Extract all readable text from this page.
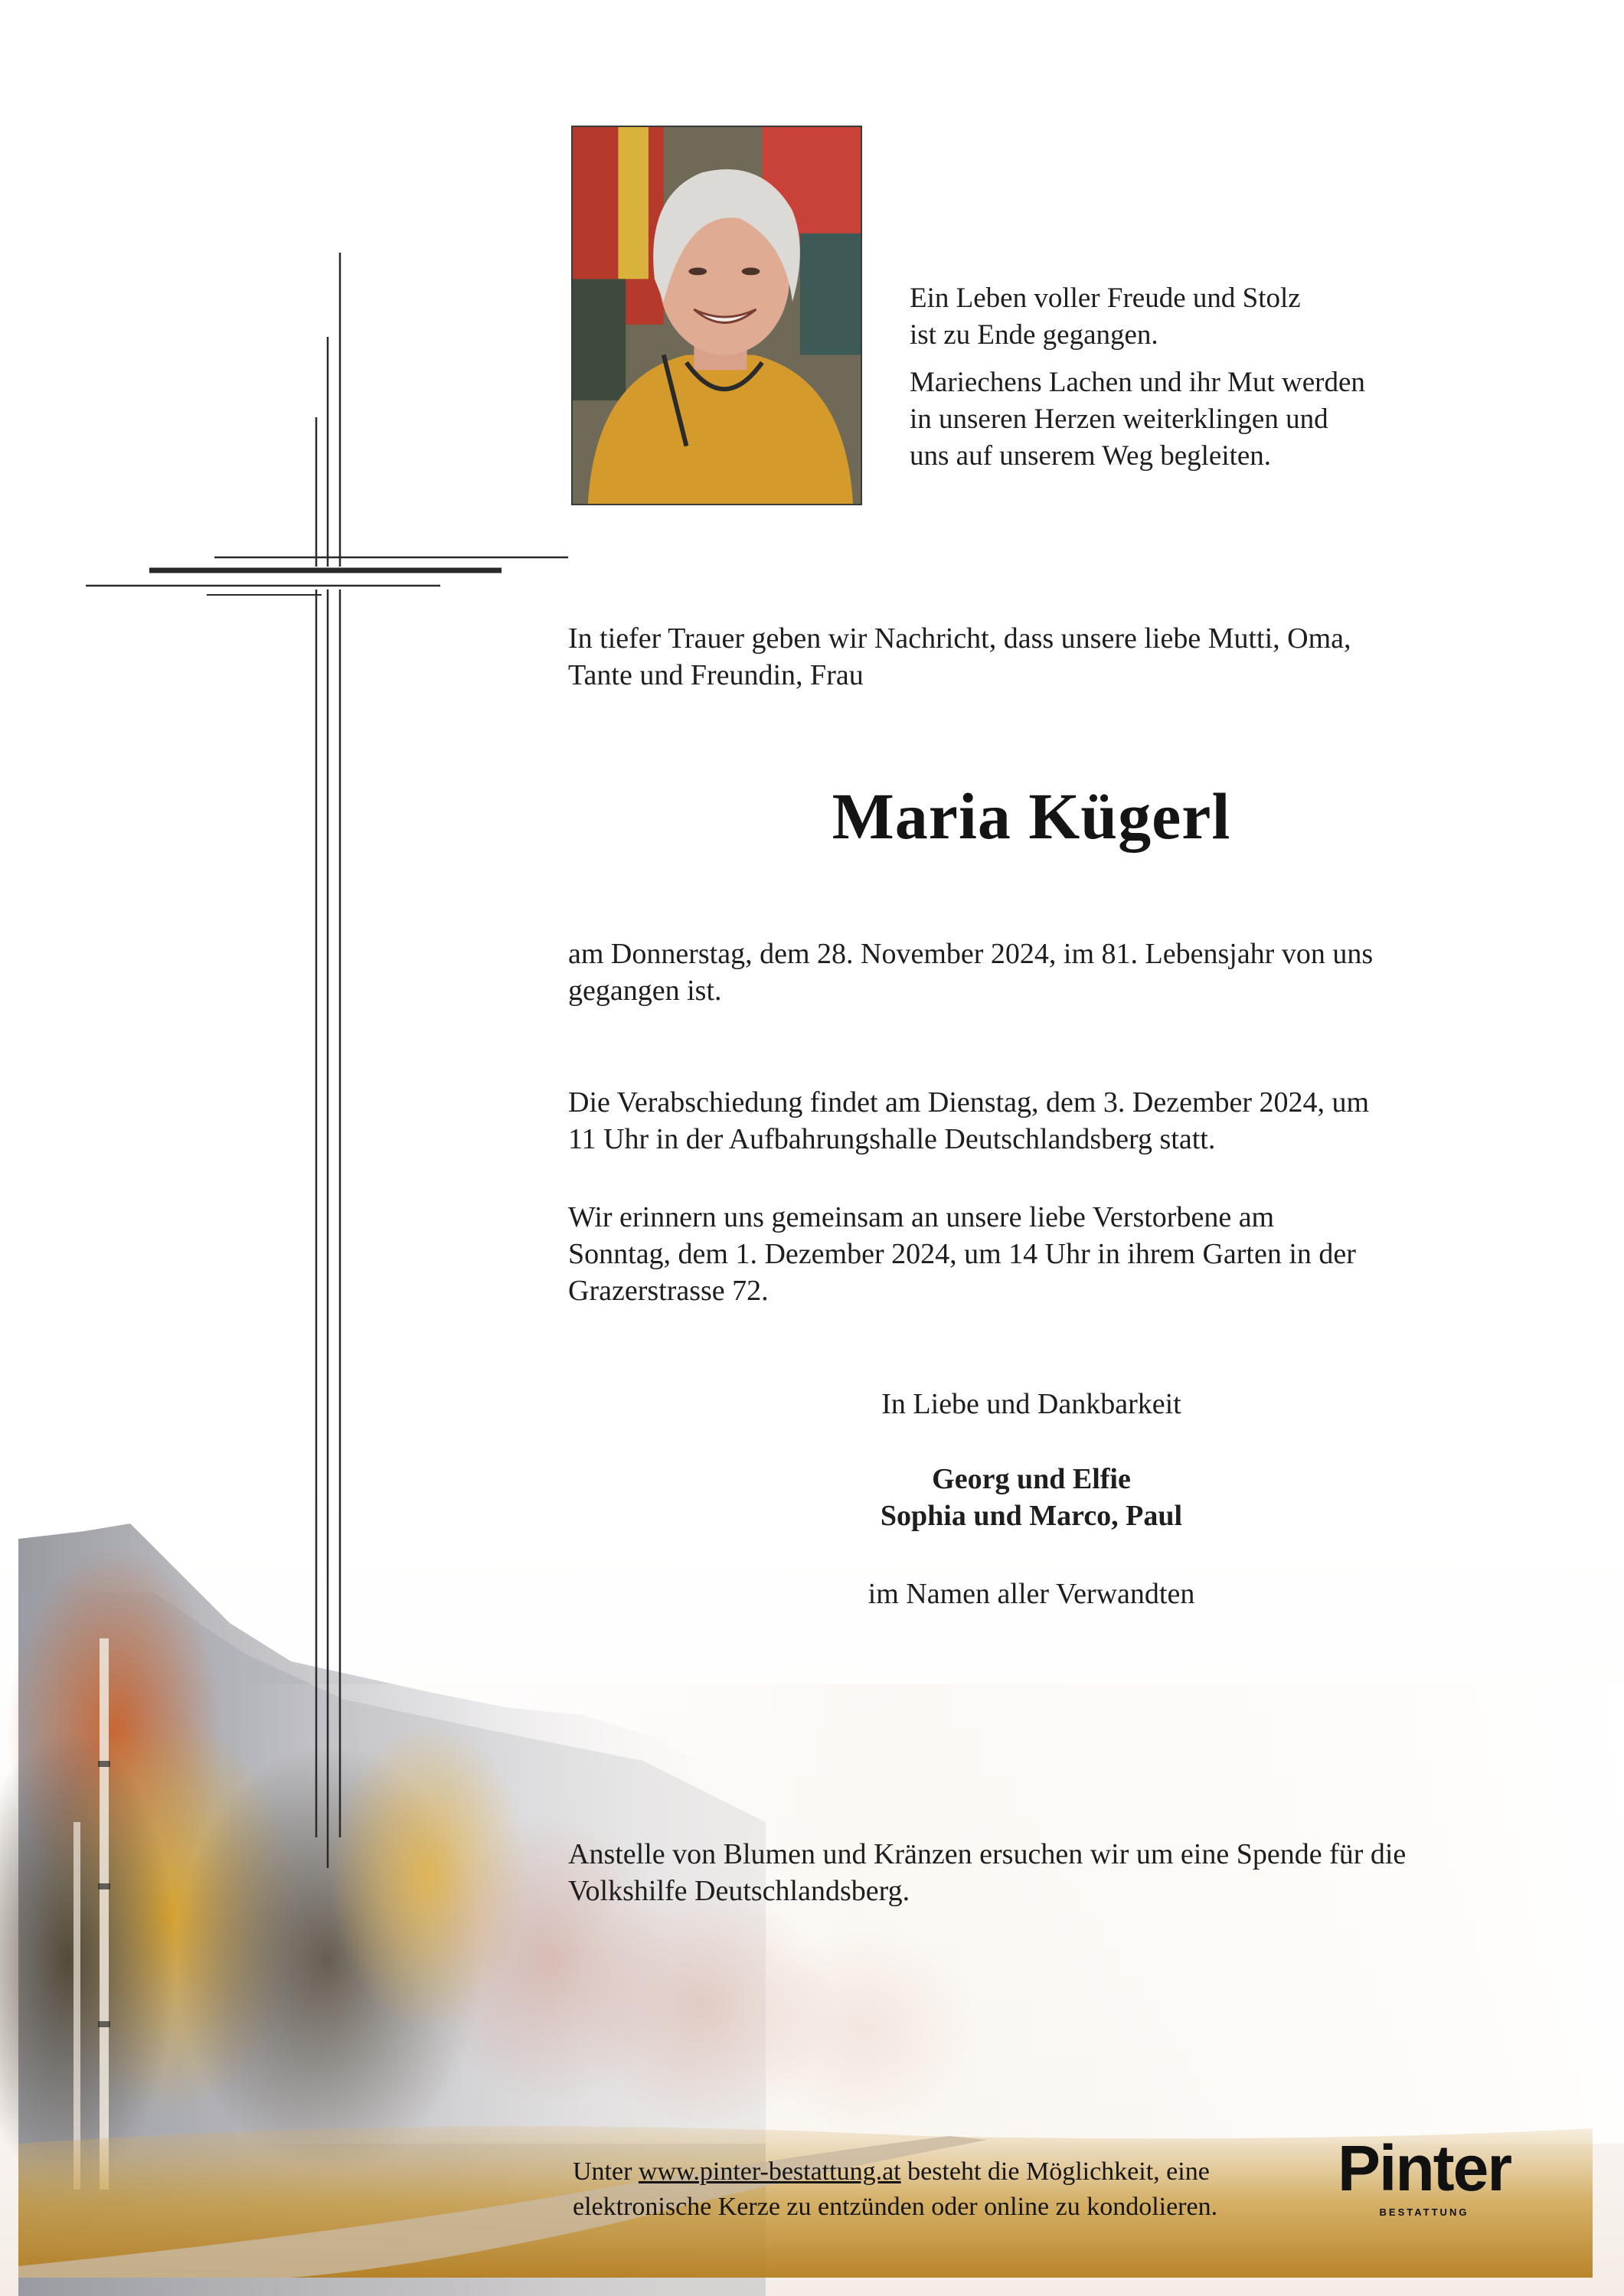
Ein Leben voller Freude und Stolz
ist zu Ende gegangen.

Mariechens Lachen und ihr Mut werden
in unseren Herzen weiterklingen und
uns auf unserem Weg begleiten.

In tiefer Trauer geben wir Nachricht, dass unsere liebe Mutti, Oma,
Tante und Freundin, Frau
Maria Kügerl
am Donnerstag, dem 28. November 2024, im 81. Lebensjahr von uns
gegangen ist.
Die Verabschiedung findet am Dienstag, dem 3. Dezember 2024, um
11 Uhr in der Aufbahrungshalle Deutschlandsberg statt.
Wir erinnern uns gemeinsam an unsere liebe Verstorbene am
Sonntag, dem 1. Dezember 2024, um 14 Uhr in ihrem Garten in der
Grazerstrasse 72.
In Liebe und Dankbarkeit
Georg und Elfie
Sophia und Marco, Paul
im Namen aller Verwandten
Anstelle von Blumen und Kränzen ersuchen wir um eine Spende für die
Volkshilfe Deutschlandsberg.
Unter www.pinter-bestattung.at besteht die Möglichkeit, eine
elektronische Kerze zu entzünden oder online zu kondolieren.
Pinter
BESTATTUNG
